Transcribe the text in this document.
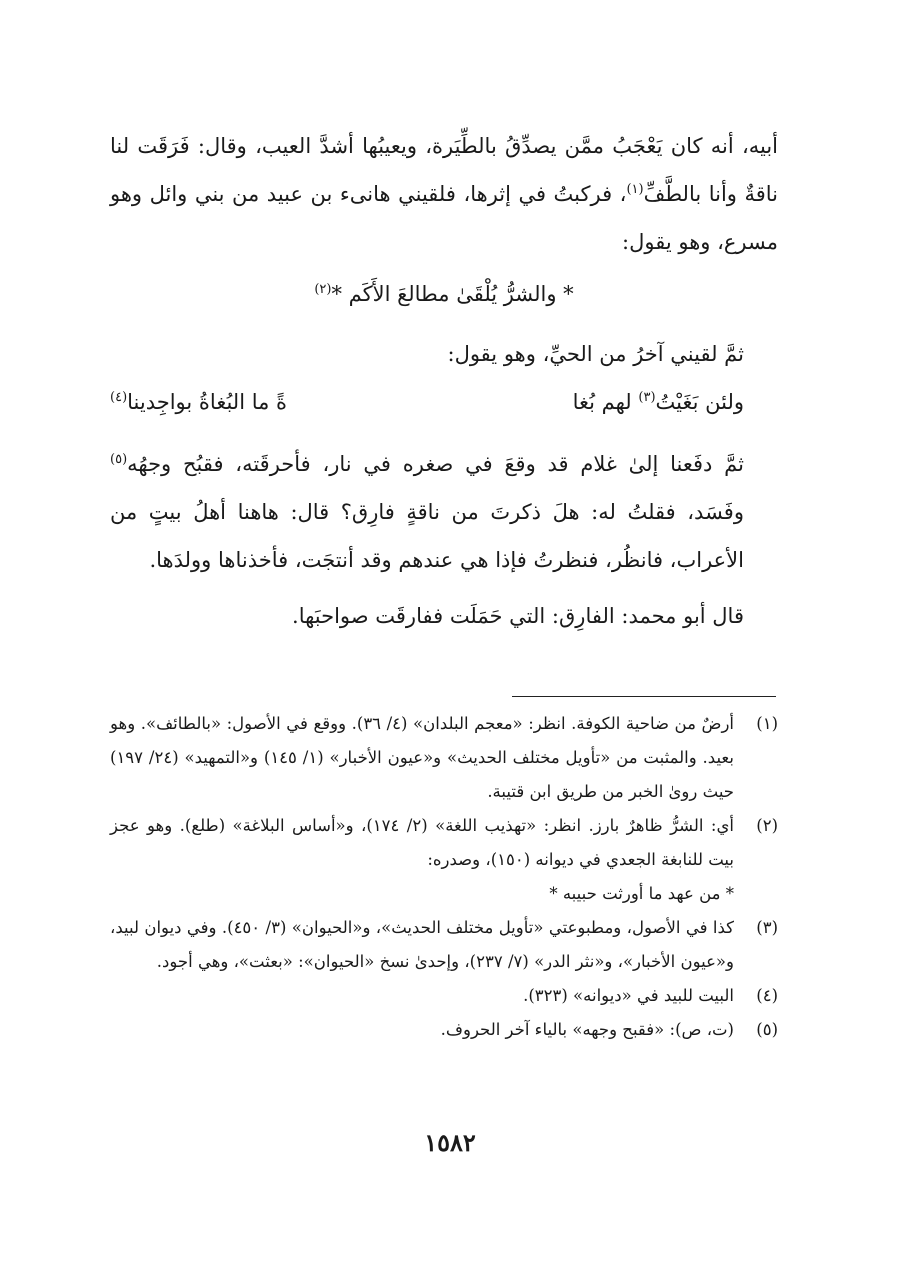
أبيه، أنه كان يَعْجَبُ ممَّن يصدِّقُ بالطِّيَرة، ويعيبُها أشدَّ العيب، وقال: فَرَقَت لنا ناقةٌ وأنا بالطَّفِّ$^{(١)}$، فركبتُ في إثرها، فلقيني هانىء بن عبيد من بني وائل وهو مسرع، وهو يقول:

* والشرُّ يُلْقَىٰ مطالعَ الأَكَم *$^{(٢)}$

ثمَّ لقيني آخرُ من الحيِّ، وهو يقول:

ولئن بَغَيْتُ$^{(٣)}$ لهم بُغا
ةً ما البُغاةُ بواجِدينا$^{(٤)}$

ثمَّ دفَعنا إلىٰ غلام قد وقعَ في صغره في نار، فأحرقَته، فقبُح وجهُه$^{(٥)}$ وفَسَد، فقلتُ له: هلَ ذكرتَ من ناقةٍ فارِق؟ قال: هاهنا أهلُ بيتٍ من الأعراب، فانظُر، فنظرتُ فإذا هي عندهم وقد أنتجَت، فأخذناها وولدَها.

قال أبو محمد: الفارِق: التي حَمَلَت ففارقَت صواحبَها.

(١)
أرضٌ من ضاحية الكوفة. انظر: «معجم البلدان» (٤/ ٣٦). ووقع في الأصول: «بالطائف». وهو بعيد. والمثبت من «تأويل مختلف الحديث» و«عيون الأخبار» (١/ ١٤٥) و«التمهيد» (٢٤/ ١٩٧) حيث روىٰ الخبر من طريق ابن قتيبة.
(٢)
أي: الشرُّ ظاهرٌ بارز. انظر: «تهذيب اللغة» (٢/ ١٧٤)، و«أساس البلاغة» (طلع). وهو عجز بيت للنابغة الجعدي في ديوانه (١٥٠)، وصدره:
* من عهد ما أورثت حبيبه *
(٣)
كذا في الأصول، ومطبوعتي «تأويل مختلف الحديث»، و«الحيوان» (٣/ ٤٥٠). وفي ديوان لبيد، و«عيون الأخبار»، و«نثر الدر» (٧/ ٢٣٧)، وإحدىٰ نسخ «الحيوان»: «بعثت»، وهي أجود.
(٤)
البيت للبيد في «ديوانه» (٣٢٣).
(٥)
(ت، ص): «فقبح وجهه» بالياء آخر الحروف.
١٥٨٢
